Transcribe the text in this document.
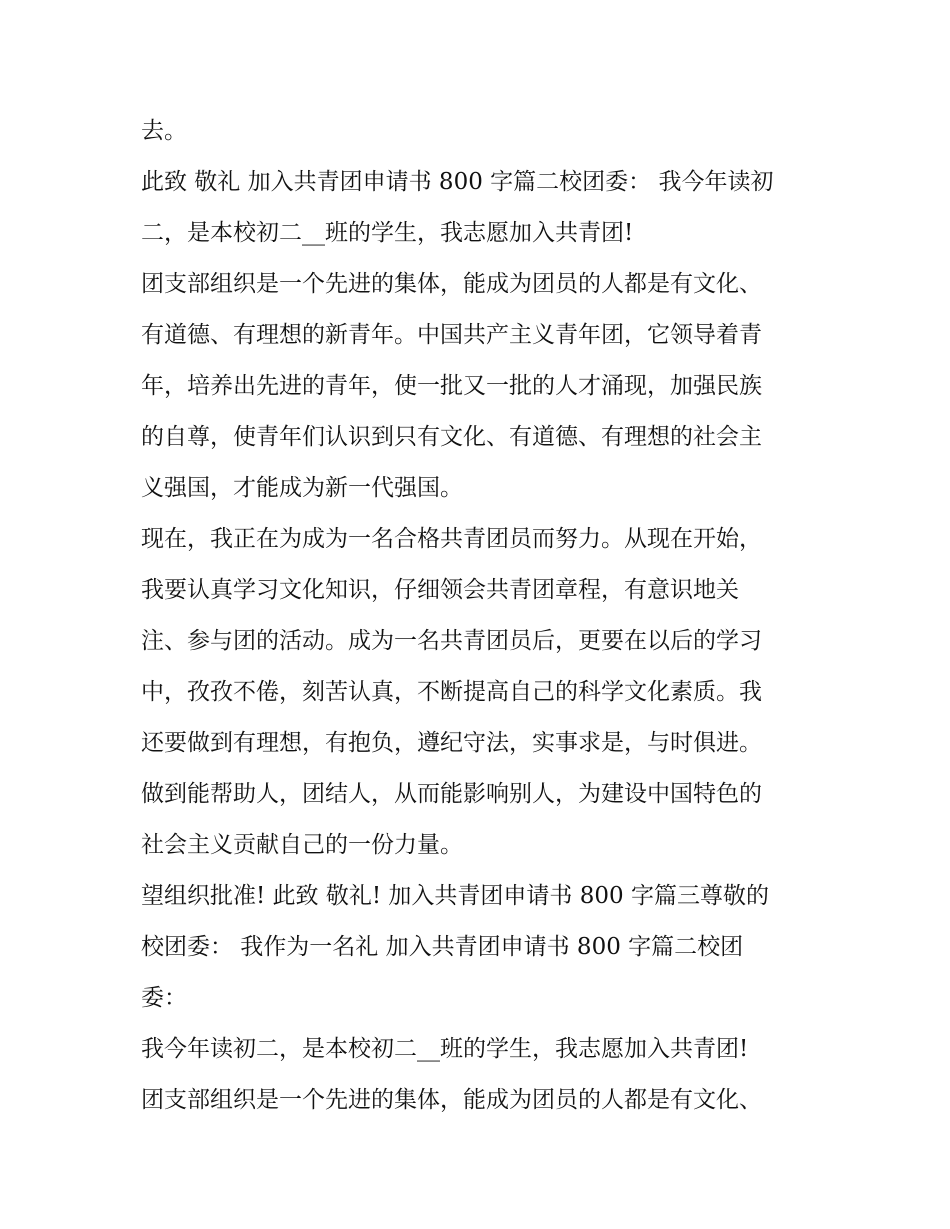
去。
此致 敬礼 加入共青团申请书 800 字篇二校团委： 我今年读初
二，是本校初二__班的学生，我志愿加入共青团!
团支部组织是一个先进的集体，能成为团员的人都是有文化、
有道德、有理想的新青年。中国共产主义青年团，它领导着青
年，培养出先进的青年，使一批又一批的人才涌现，加强民族
的自尊，使青年们认识到只有文化、有道德、有理想的社会主
义强国，才能成为新一代强国。
现在，我正在为成为一名合格共青团员而努力。从现在开始，
我要认真学习文化知识，仔细领会共青团章程，有意识地关
注、参与团的活动。成为一名共青团员后，更要在以后的学习
中，孜孜不倦，刻苦认真，不断提高自己的科学文化素质。我
还要做到有理想，有抱负，遵纪守法，实事求是，与时俱进。
做到能帮助人，团结人，从而能影响别人，为建设中国特色的
社会主义贡献自己的一份力量。
望组织批准! 此致 敬礼! 加入共青团申请书 800 字篇三尊敬的
校团委： 我作为一名礼 加入共青团申请书 800 字篇二校团
委：
我今年读初二，是本校初二__班的学生，我志愿加入共青团!
团支部组织是一个先进的集体，能成为团员的人都是有文化、
